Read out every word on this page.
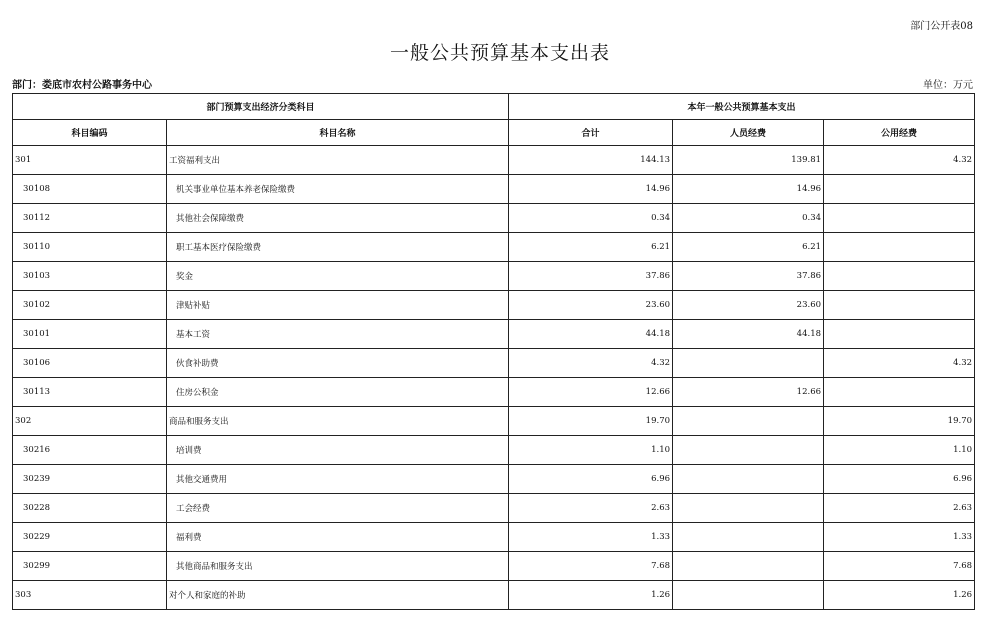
部门公开表08
一般公共预算基本支出表
部门：娄底市农村公路事务中心	单位：万元
部门预算支出经济分类科目		本年一般公共预算基本支出		
科目编码	科目名称	合计	人员经费	公用经费
301	工资福利支出	144.13	139.81	4.32
30108	机关事业单位基本养老保险缴费	14.96	14.96	
30112	其他社会保障缴费	0.34	0.34	
30110	职工基本医疗保险缴费	6.21	6.21	
30103	奖金	37.86	37.86	
30102	津贴补贴	23.60	23.60	
30101	基本工资	44.18	44.18	
30106	伙食补助费	4.32		4.32
30113	住房公积金	12.66	12.66	
302	商品和服务支出	19.70		19.70
30216	培训费	1.10		1.10
30239	其他交通费用	6.96		6.96
30228	工会经费	2.63		2.63
30229	福利费	1.33		1.33
30299	其他商品和服务支出	7.68		7.68
303	对个人和家庭的补助	1.26		1.26
